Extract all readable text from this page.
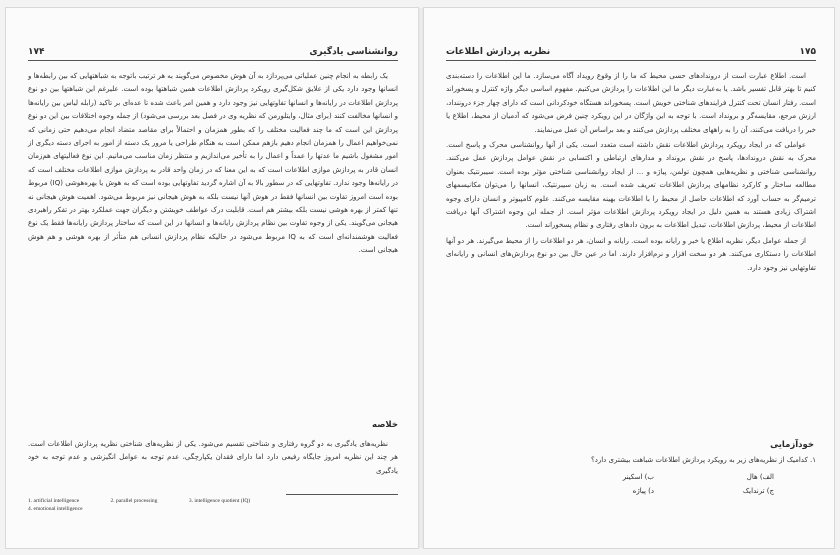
روانشناسی یادگیری
۱۷۴

یک رابطه به انجام چنین عملیاتی می‌پردازد به آن هوش مخصوص می‌گویند به هر ترتیب باتوجه به شباهتهایی که بین رابطه‌ها و انسانها وجود دارد یکی از علایق شکل‌گیری رویکرد پردازش اطلاعات همین شباهتها بوده است. علیرغم این شباهتها بین دو نوع پردازش اطلاعات در رایانه‌ها و انسانها تفاوتهایی نیز وجود دارد و همین امر باعث شده تا عده‌ای بر تاکید (رابله لیاس بین رایانه‌ها و انسانها مخالفت کنند (برای مثال، وایتلورمن که نظریه وی در فصل بعد بررسی می‌شود) از جمله وجوه اختلافات بین این دو نوع پردازش این است که ما چند فعالیت مختلف را که بطور همزمان و احتمالاً برای مقاصد متضاد انجام می‌دهیم حتی زمانی که نمی‌خواهیم اعمال را همزمان انجام دهیم بازهم ممکن است به هنگام طراحی یا مرور یک دسته از امور به اجرای دسته دیگری از امور مشغول باشیم ما عدتها را عمداً و اعمال را به تأخیر می‌اندازیم و منتظر زمان مناسب می‌مانیم. این نوع فعالیتهای هم‌زمان انسان قادر به پردازش موازی اطلاعات است که به این معنا که در زمان واحد قادر به پردازش موازی اطلاعات مختلف است که در رایانه‌ها وجود ندارد. تفاوتهایی که در سطور بالا به آن اشاره گردید تفاوتهایی بوده است که به هوش یا بهره‌هوشی (IQ) مربوط بوده است امروز تفاوت بین انسانها فقط در هوش آنها نیست بلکه به هوش هیجانی نیز مربوط می‌شود. اهمیت هوش هیجانی نه تنها کمتر از بهره هوشی نیست بلکه بیشتر هم است. قابلیت درک عواطف خویشتن و دیگران جهت عملکرد بهتر در تفکر راهبردی هیجانی می‌گویند. یکی از وجوه تفاوت بین نظام پردازش رایانه‌ها و انسانها در این است که ساختار پردازش رایانه‌ها فقط یک نوع فعالیت هوشمندانه‌ای است که به IQ مربوط می‌شود در حالیکه نظام پردازش انسانی هم متأثر از بهره هوشی و هم هوش هیجانی است.

خلاصه

نظریه‌های یادگیری به دو گروه رفتاری و شناختی تقسیم می‌شود. یکی از نظریه‌های شناختی نظریه پردازش اطلاعات است. هر چند این نظریه امروز جایگاه رفیعی دارد اما دارای فقدان یکپارچگی، عدم توجه به عوامل انگیزشی و عدم توجه به خود یادگیری

1. artificial intelligence	2. parallel processing	3. intelligence quotient (IQ)
4. emotional intelligence
۱۷۵
نظریه پردازش اطلاعات

است. اطلاع عبارت است از دروندادهای حسی محیط که ما را از وقوع رویداد آگاه می‌سازد. ما این اطلاعات را دسته‌بندی کنیم تا بهتر قابل تفسیر باشد. یا به‌عبارت دیگر ما این اطلاعات را پردازش می‌کنیم. مفهوم اساسی دیگر واژه کنترل و پسخوراند است. رفتار انسان تحت کنترل فرایندهای شناختی خویش است. پسخوراند هستگاه خودکردانی است که دارای چهار جزء دروننداد، ارزش مرجع، مقایسه‌گر و برونداد است. با توجه به این واژگان در این رویکرد چنین فرض می‌شود که آدمیان از محیط، اطلاع یا خبر را دریافت می‌کنند، آن را به راههای مختلف پردازش می‌کنند و بعد براساس آن عمل می‌نمایند.

عواملی که در ایجاد رویکرد پردازش اطلاعات نقش داشته است متعدد است. یکی از آنها روانشناسی محرک و پاسخ است. محرک به نقش دروندادها، پاسخ در نقش برونداد و مدارهای ارتباطی و اکتسابی در نقش عوامل پردازش عمل می‌کنند. روانشناسی شناختی و نظریه‌هایی همچون تولمن، پیاژه و ... از ایجاد روانشناسی شناختی مؤثر بوده است. سیبرنتیک بعنوان مطالعه ساختار و کارکرد نظامهای پردازش اطلاعات تعریف شده است. به زبان سیبرنتیک، انسانها را می‌توان مکانیسمهای ترمیم‌گر به حساب آورد که اطلاعات حاصل از محیط را با اطلاعات بهینه مقایسه می‌کنند. علوم کامپیوتر و انسان دارای وجوه اشتراک زیادی هستند به همین دلیل در ایجاد رویکرد پردازش اطلاعات مؤثر است. از جمله این وجوه اشتراک آنها دریافت اطلاعات از محیط، پردازش اطلاعات، تبدیل اطلاعات به برون دادهای رفتاری و نظام پسخوراند است.

از جمله عوامل دیگر، نظریه اطلاع یا خبر و رایانه بوده است. رایانه و انسان، هر دو اطلاعات را از محیط می‌گیرند. هر دو آنها اطلاعات را دستکاری می‌کنند. هر دو سخت افزار و نرم‌افزار دارند. اما در عین حال بین دو نوع پردازش‌های انسانی و رایانه‌ای تفاوتهایی نیز وجود دارد.

خودآزمایی
۱. کدامیک از نظریه‌های زیر به رویکرد پردازش اطلاعات شباهت بیشتری دارد؟
الف) هال
ب) اسکینر
ج) ترندایک
د) پیاژه
